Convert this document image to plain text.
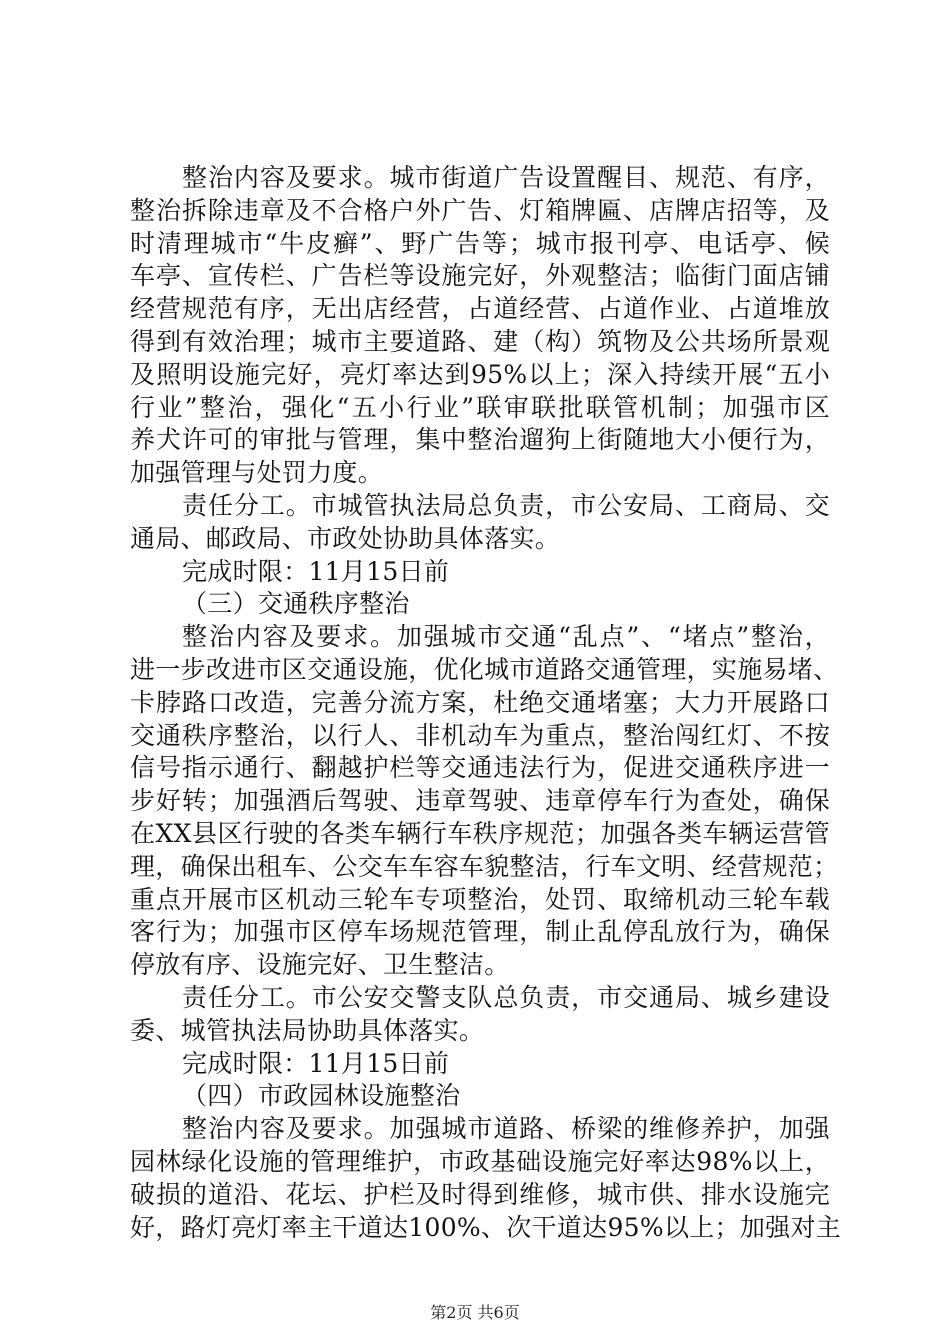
整治内容及要求。城市街道广告设置醒目、规范、有序，
整治拆除违章及不合格户外广告、灯箱牌匾、店牌店招等，及
时清理城市“牛皮癣”、野广告等；城市报刊亭、电话亭、候
车亭、宣传栏、广告栏等设施完好，外观整洁；临街门面店铺
经营规范有序，无出店经营，占道经营、占道作业、占道堆放
得到有效治理；城市主要道路、建（构）筑物及公共场所景观
及照明设施完好，亮灯率达到95%以上；深入持续开展“五小
行业”整治，强化“五小行业”联审联批联管机制；加强市区
养犬许可的审批与管理，集中整治遛狗上街随地大小便行为，
加强管理与处罚力度。
责任分工。市城管执法局总负责，市公安局、工商局、交
通局、邮政局、市政处协助具体落实。
完成时限：11月15日前
（三）交通秩序整治
整治内容及要求。加强城市交通“乱点”、“堵点”整治，
进一步改进市区交通设施，优化城市道路交通管理，实施易堵、
卡脖路口改造，完善分流方案，杜绝交通堵塞；大力开展路口
交通秩序整治，以行人、非机动车为重点，整治闯红灯、不按
信号指示通行、翻越护栏等交通违法行为，促进交通秩序进一
步好转；加强酒后驾驶、违章驾驶、违章停车行为查处，确保
在XX县区行驶的各类车辆行车秩序规范；加强各类车辆运营管
理，确保出租车、公交车车容车貌整洁，行车文明、经营规范；
重点开展市区机动三轮车专项整治，处罚、取缔机动三轮车载
客行为；加强市区停车场规范管理，制止乱停乱放行为，确保
停放有序、设施完好、卫生整洁。
责任分工。市公安交警支队总负责，市交通局、城乡建设
委、城管执法局协助具体落实。
完成时限：11月15日前
（四）市政园林设施整治
整治内容及要求。加强城市道路、桥梁的维修养护，加强
园林绿化设施的管理维护，市政基础设施完好率达98%以上，
破损的道沿、花坛、护栏及时得到维修，城市供、排水设施完
好，路灯亮灯率主干道达100%、次干道达95%以上；加强对主
第2页 共6页
